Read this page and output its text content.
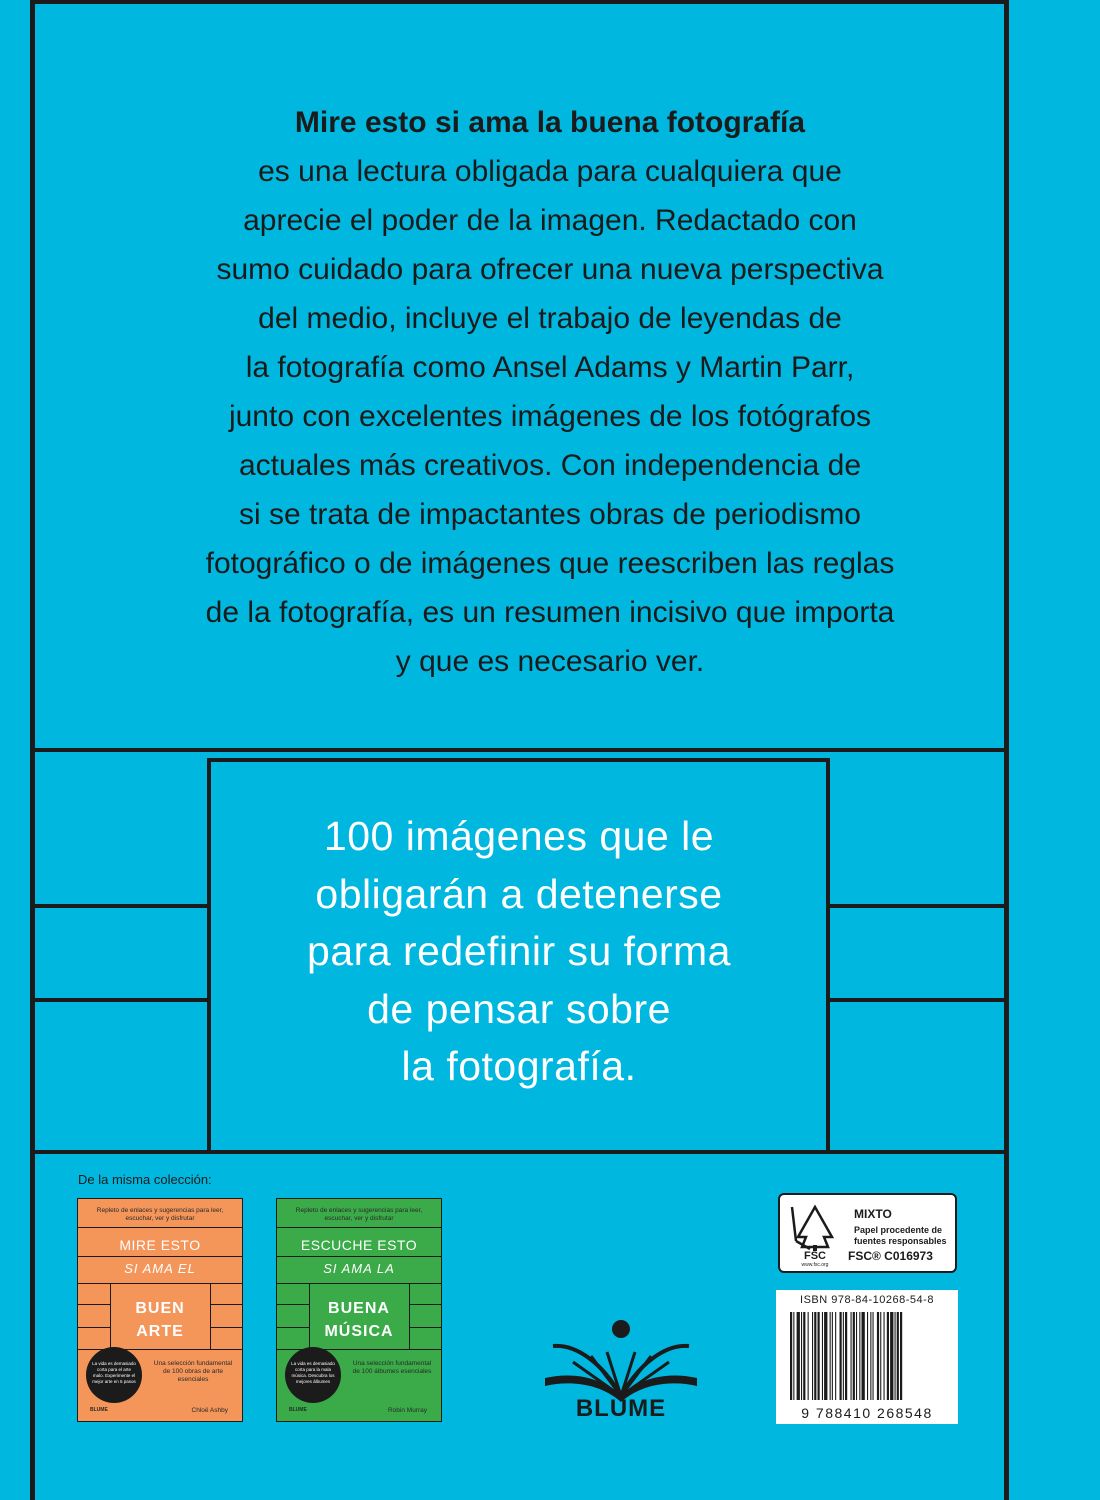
Mire esto si ama la buena fotografía
es una lectura obligada para cualquiera que
aprecie el poder de la imagen. Redactado con
sumo cuidado para ofrecer una nueva perspectiva
del medio, incluye el trabajo de leyendas de
la fotografía como Ansel Adams y Martin Parr,
junto con excelentes imágenes de los fotógrafos
actuales más creativos. Con independencia de
si se trata de impactantes obras de periodismo
fotográfico o de imágenes que reescriben las reglas
de la fotografía, es un resumen incisivo que importa
y que es necesario ver.
100 imágenes que le
obligarán a detenerse
para redefinir su forma
de pensar sobre
la fotografía.
De la misma colección:
Repleto de enlaces y sugerencias para leer, escuchar, ver y disfrutar
MIRE ESTO
SI AMA EL
BUEN
ARTE
La vida es demasiado corta para el arte malo. Experimente el mejor arte en 5 pasos
Una selección fundamental de 100 obras de arte esenciales
BLUME	Chloë Ashby
Repleto de enlaces y sugerencias para leer, escuchar, ver y disfrutar
ESCUCHE ESTO
SI AMA LA
BUENA
MÚSICA
La vida es demasiado corta para la mala música. Descubra los mejores álbumes
Una selección fundamental de 100 álbumes esenciales
BLUME	Robin Murray	BLUME
FSC
www.fsc.org
MIXTO
Papel procedente de
fuentes responsables
FSC® C016973
ISBN 978-84-10268-54-8
9 788410 268548
